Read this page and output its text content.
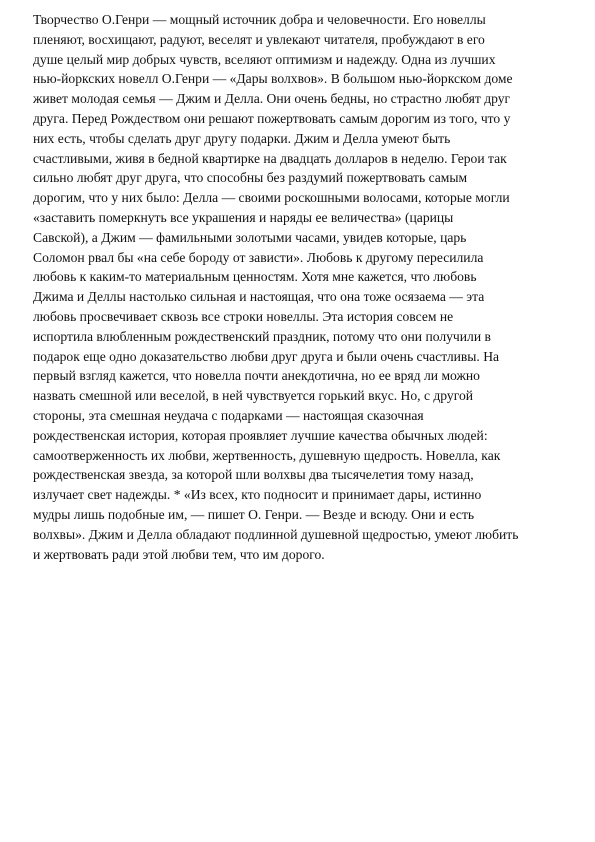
Творчество О.Генри — мощный источник добра и человечности. Его новеллы
пленяют, восхищают, радуют, веселят и увлекают читателя, пробуждают в его
душе целый мир добрых чувств, вселяют оптимизм и надежду. Одна из лучших
нью-йоркских новелл О.Генри — «Дары волхвов». В большом нью-йоркском доме
живет молодая семья — Джим и Делла. Они очень бедны, но страстно любят друг
друга. Перед Рождеством они решают пожертвовать самым дорогим из того, что у
них есть, чтобы сделать друг другу подарки. Джим и Делла умеют быть
счастливыми, живя в бедной квартирке на двадцать долларов в неделю. Герои так
сильно любят друг друга, что способны без раздумий пожертвовать самым
дорогим, что у них было: Делла — своими роскошными волосами, которые могли
«заставить померкнуть все украшения и наряды ее величества» (царицы
Савской), а Джим — фамильными золотыми часами, увидев которые, царь
Соломон рвал бы «на себе бороду от зависти». Любовь к другому пересилила
любовь к каким-то материальным ценностям. Хотя мне кажется, что любовь
Джима и Деллы настолько сильная и настоящая, что она тоже осязаема — эта
любовь просвечивает сквозь все строки новеллы. Эта история совсем не
испортила влюбленным рождественский праздник, потому что они получили в
подарок еще одно доказательство любви друг друга и были очень счастливы. На
первый взгляд кажется, что новелла почти анекдотична, но ее вряд ли можно
назвать смешной или веселой, в ней чувствуется горький вкус. Но, с другой
стороны, эта смешная неудача с подарками — настоящая сказочная
рождественская история, которая проявляет лучшие качества обычных людей:
самоотверженность их любви, жертвенность, душевную щедрость. Новелла, как
рождественская звезда, за которой шли волхвы два тысячелетия тому назад,
излучает свет надежды. * «Из всех, кто подносит и принимает дары, истинно
мудры лишь подобные им, — пишет О. Генри. — Везде и всюду. Они и есть
волхвы». Джим и Делла обладают подлинной душевной щедростью, умеют любить
и жертвовать ради этой любви тем, что им дорого.
